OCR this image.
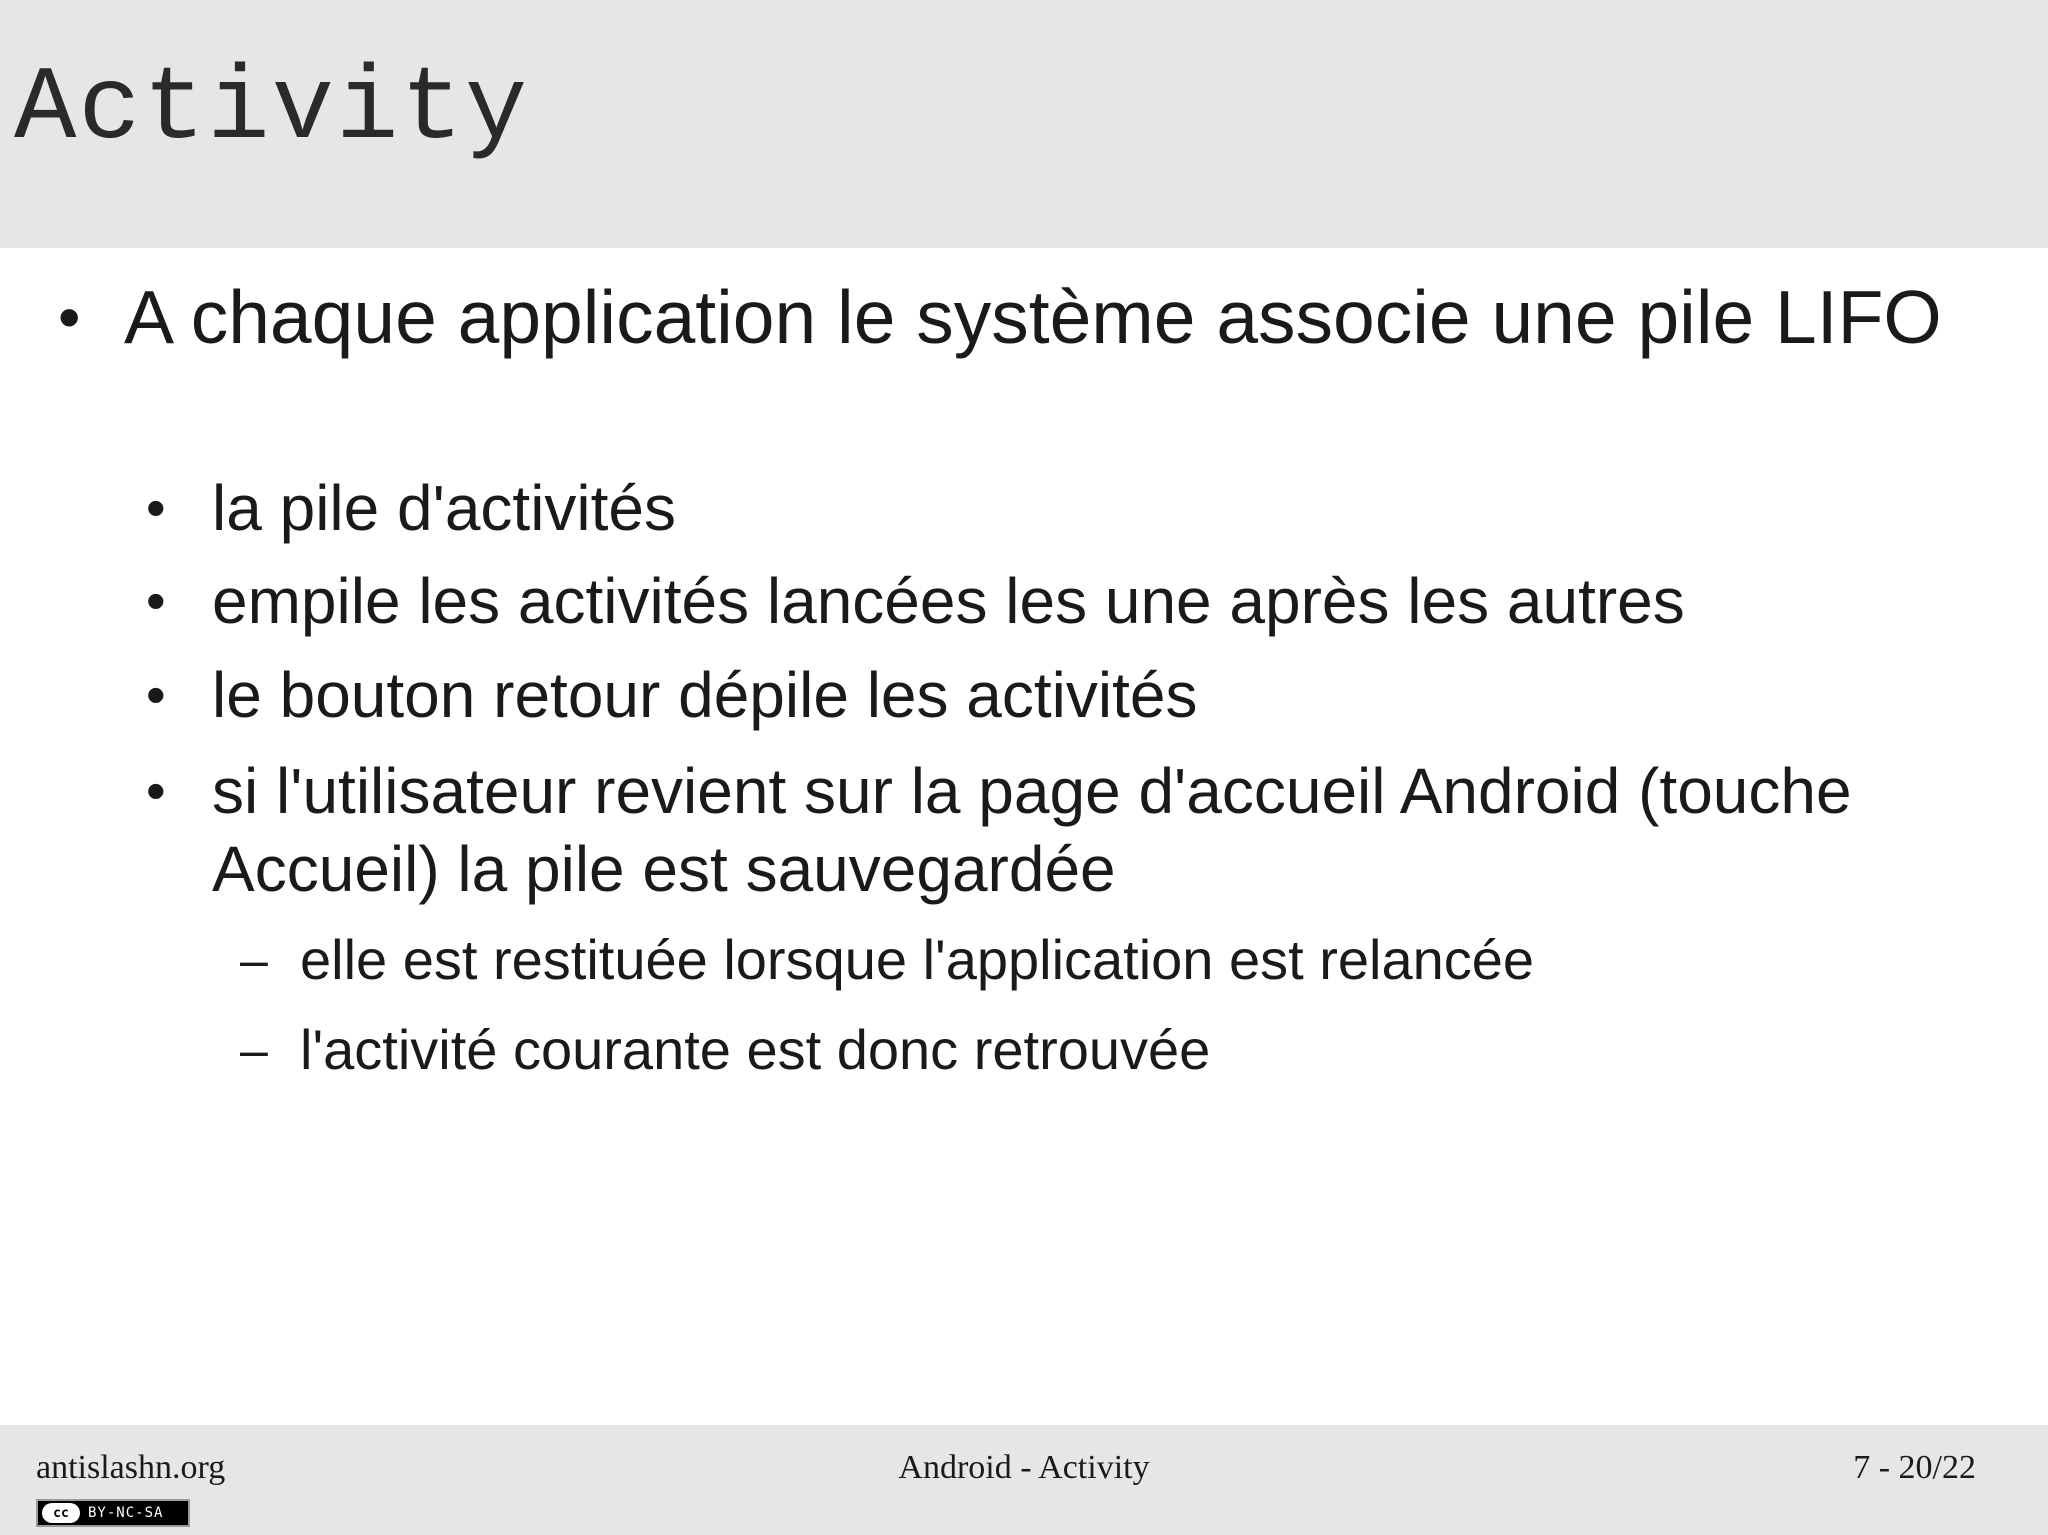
Activity
• A chaque application le système associe une pile LIFO
• la pile d'activités
• empile les activités lancées les une après les autres
• le bouton retour dépile les activités
• si l'utilisateur revient sur la page d'accueil Android (touche Accueil) la pile est sauvegardée
– elle est restituée lorsque l'application est relancée
– l'activité courante est donc retrouvée
antislashn.org	Android - Activity	7 - 20/22
cc	BY-NC-SA
